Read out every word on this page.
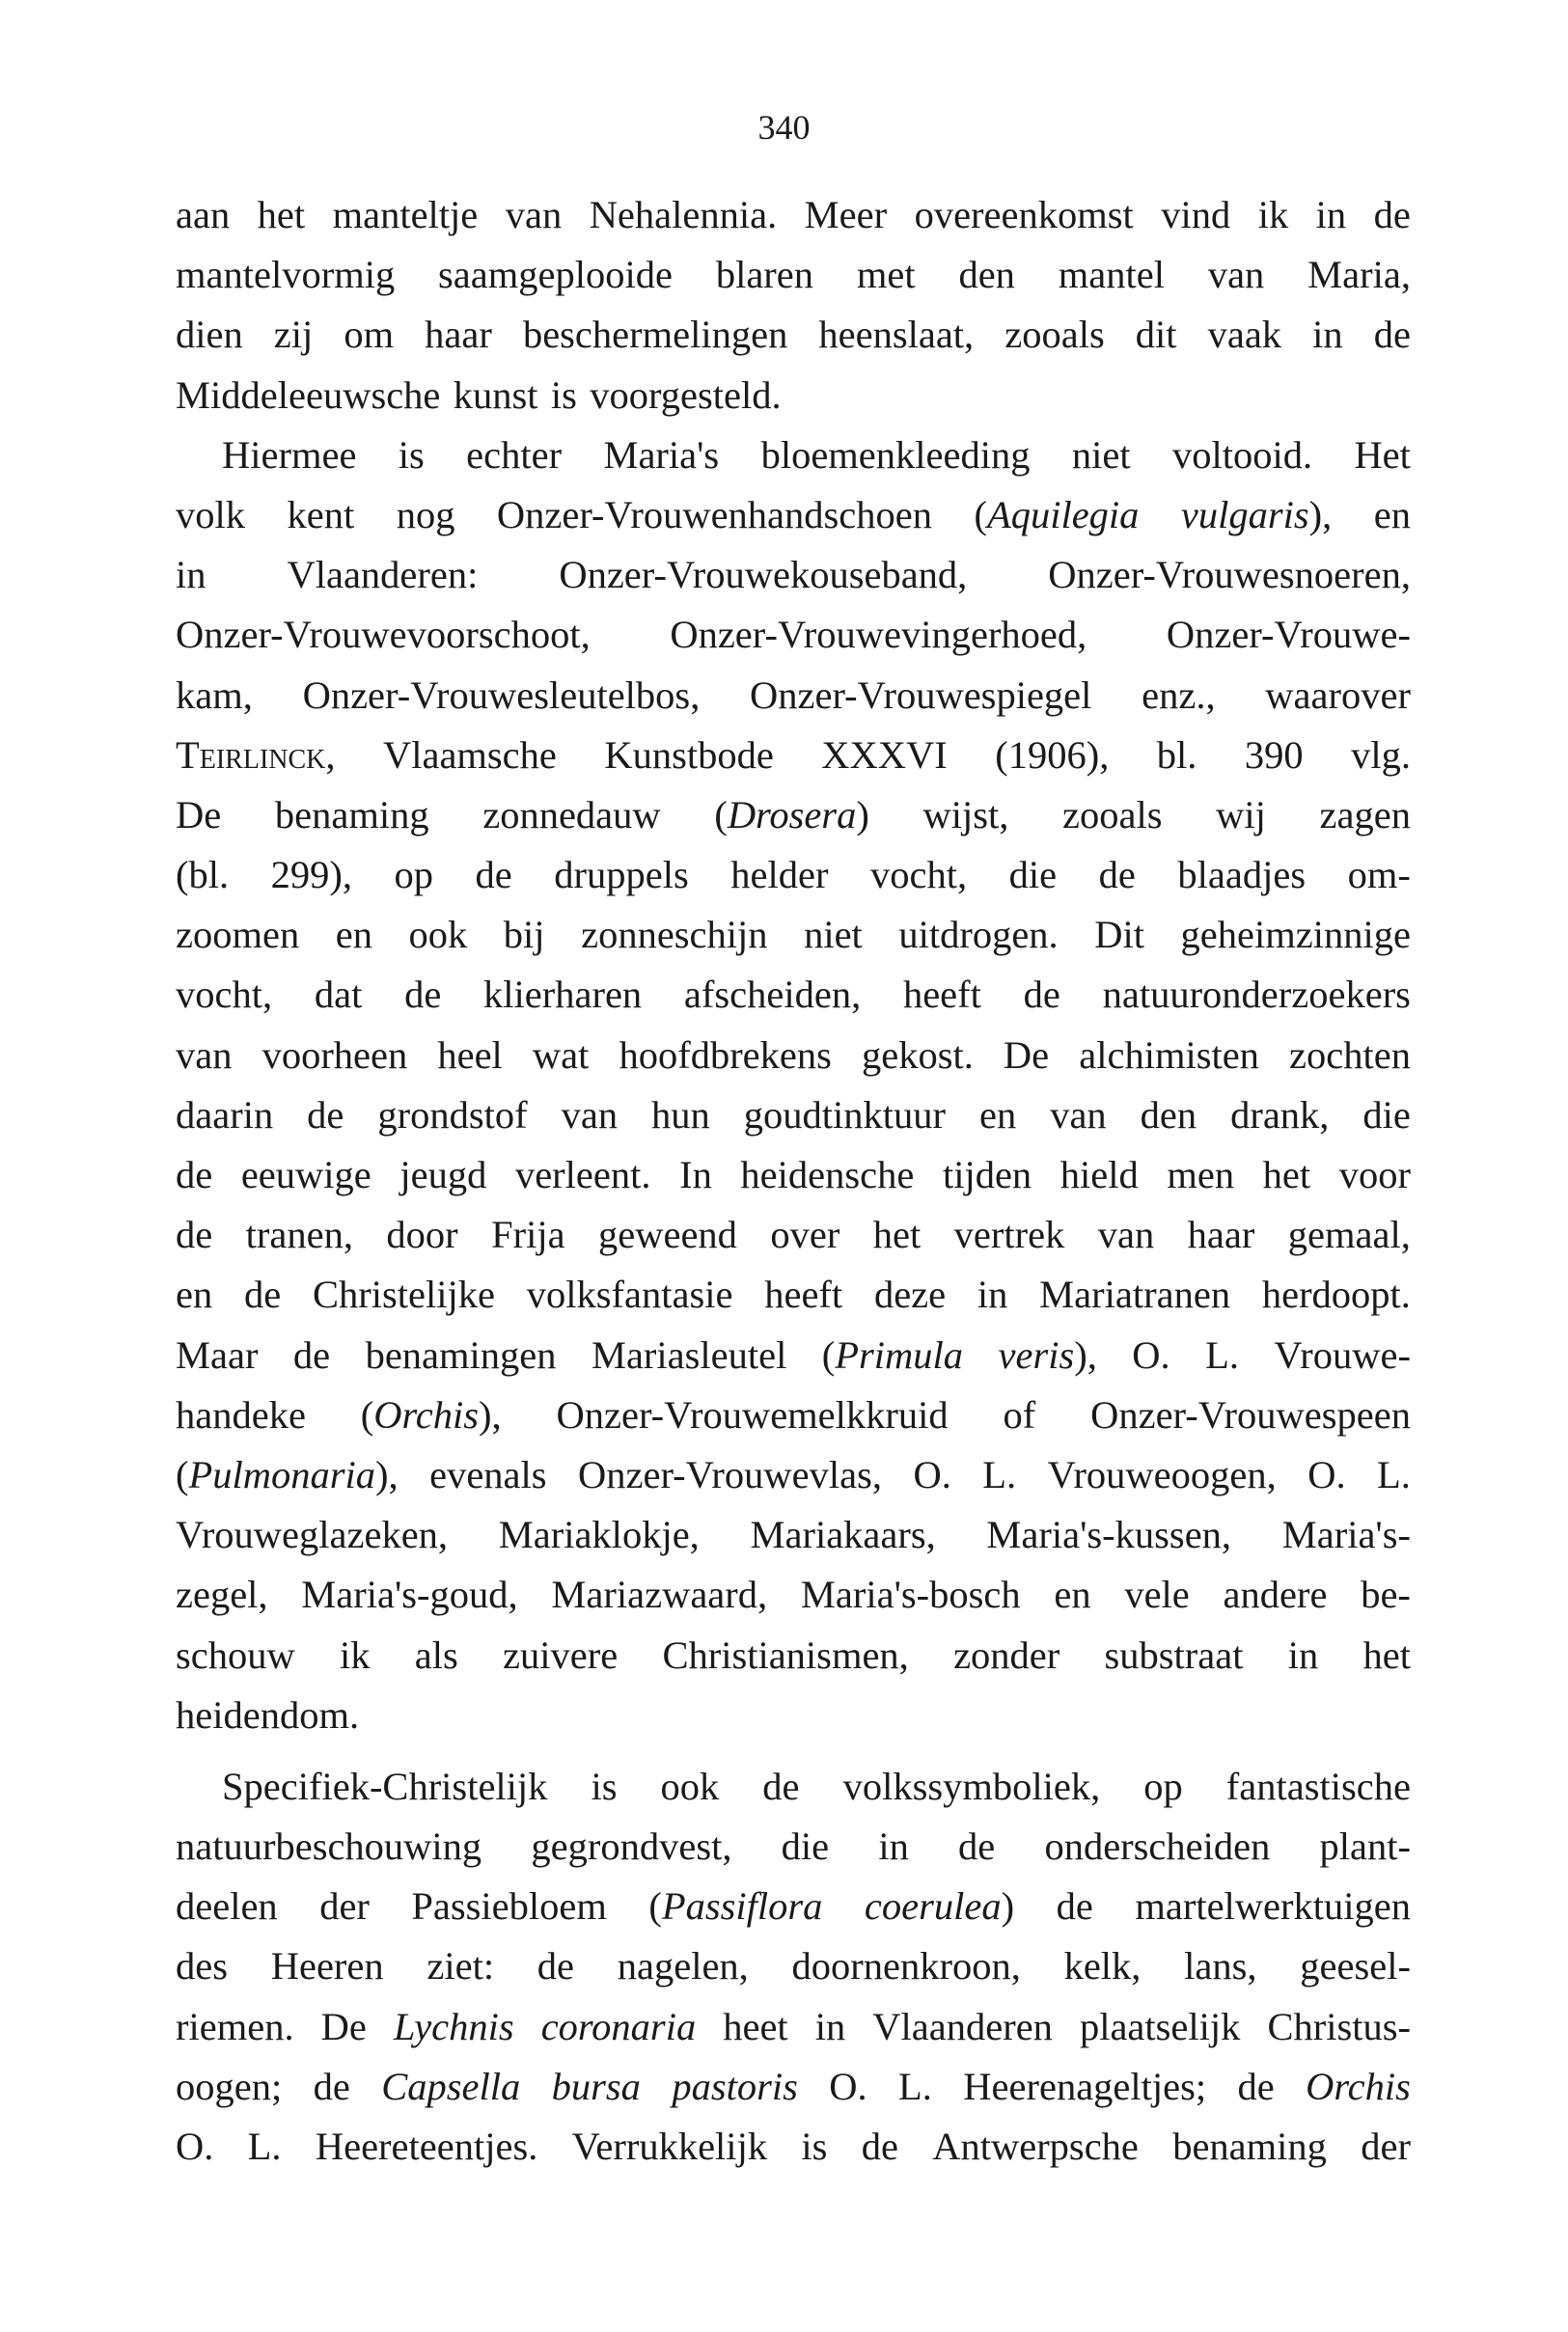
340
aan het manteltje van Nehalennia. Meer overeenkomst vind ik in de
mantelvormig saamgeplooide blaren met den mantel van Maria,
dien zij om haar beschermelingen heenslaat, zooals dit vaak in de
Middeleeuwsche kunst is voorgesteld.
Hiermee is echter Maria's bloemenkleeding niet voltooid. Het
volk kent nog Onzer-Vrouwenhandschoen (Aquilegia vulgaris), en
in Vlaanderen: Onzer-Vrouwekouseband, Onzer-Vrouwesnoeren,
Onzer-Vrouwevoorschoot, Onzer-Vrouwevingerhoed, Onzer-Vrouwe-
kam, Onzer-Vrouwesleutelbos, Onzer-Vrouwespiegel enz., waarover
Teirlinck, Vlaamsche Kunstbode XXXVI (1906), bl. 390 vlg.
De benaming zonnedauw (Drosera) wijst, zooals wij zagen
(bl. 299), op de druppels helder vocht, die de blaadjes om-
zoomen en ook bij zonneschijn niet uitdrogen. Dit geheimzinnige
vocht, dat de klierharen afscheiden, heeft de natuuronderzoekers
van voorheen heel wat hoofdbrekens gekost. De alchimisten zochten
daarin de grondstof van hun goudtinktuur en van den drank, die
de eeuwige jeugd verleent. In heidensche tijden hield men het voor
de tranen, door Frija geweend over het vertrek van haar gemaal,
en de Christelijke volksfantasie heeft deze in Mariatranen herdoopt.
Maar de benamingen Mariasleutel (Primula veris), O. L. Vrouwe-
handeke (Orchis), Onzer-Vrouwemelkkruid of Onzer-Vrouwespeen
(Pulmonaria), evenals Onzer-Vrouwevlas, O. L. Vrouweoogen, O. L.
Vrouweglazeken, Mariaklokje, Mariakaars, Maria's-kussen, Maria's-
zegel, Maria's-goud, Mariazwaard, Maria's-bosch en vele andere be-
schouw ik als zuivere Christianismen, zonder substraat in het
heidendom.
Specifiek-Christelijk is ook de volkssymboliek, op fantastische
natuurbeschouwing gegrondvest, die in de onderscheiden plant-
deelen der Passiebloem (Passiflora coerulea) de martelwerktuigen
des Heeren ziet: de nagelen, doornenkroon, kelk, lans, geesel-
riemen. De Lychnis coronaria heet in Vlaanderen plaatselijk Christus-
oogen; de Capsella bursa pastoris O. L. Heerenageltjes; de Orchis
O. L. Heereteentjes. Verrukkelijk is de Antwerpsche benaming der
